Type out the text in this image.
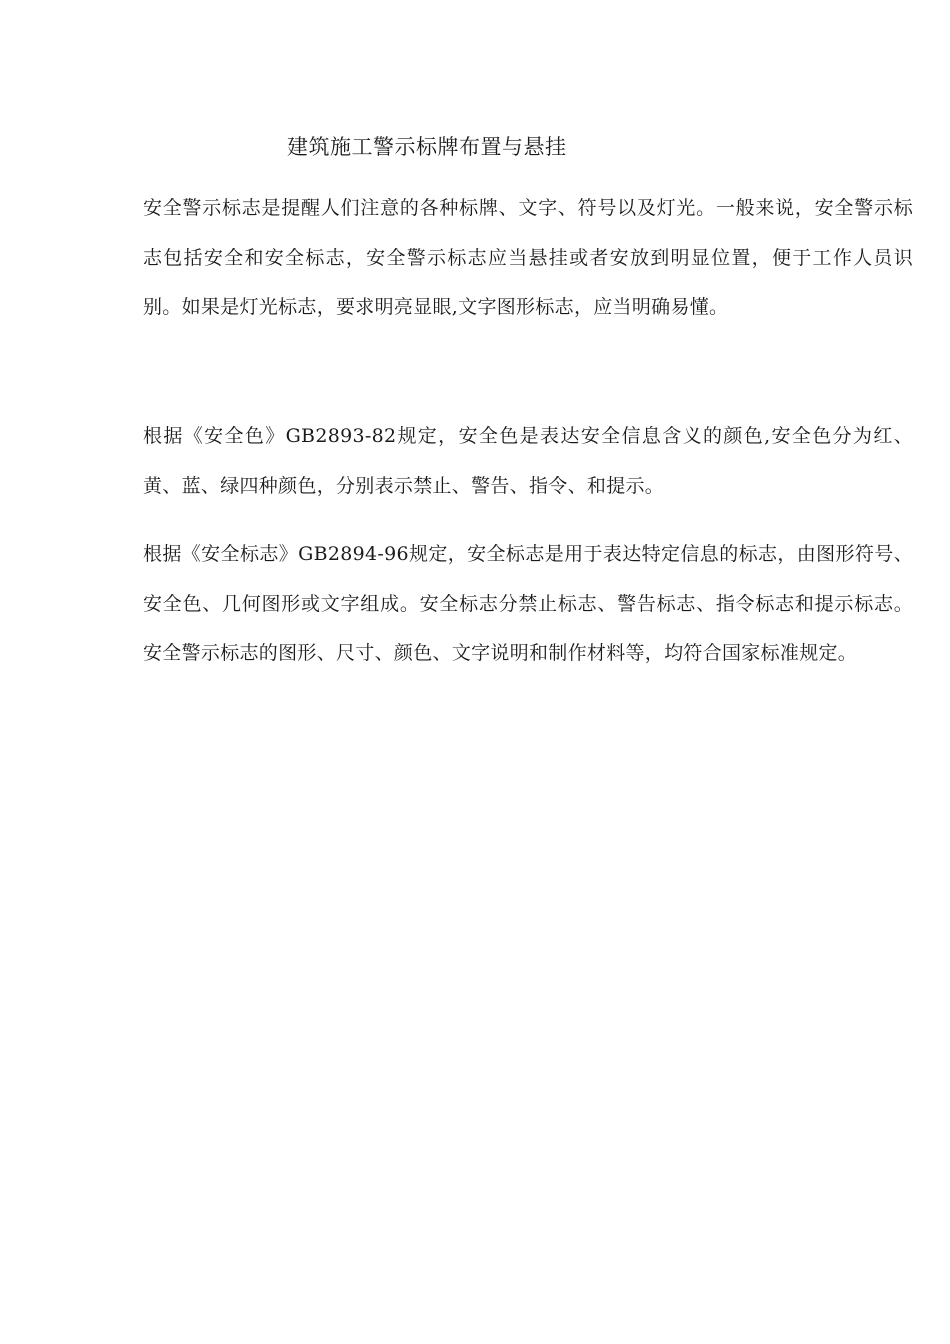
建筑施工警示标牌布置与悬挂

安全警示标志是提醒人们注意的各种标牌、文字、符号以及灯光。一般来说，安全警示标志包括安全和安全标志，安全警示标志应当悬挂或者安放到明显位置，便于工作人员识别。如果是灯光标志，要求明亮显眼,文字图形标志，应当明确易懂。

根据《安全色》GB2893-82规定，安全色是表达安全信息含义的颜色,安全色分为红、黄、蓝、绿四种颜色，分别表示禁止、警告、指令、和提示。

根据《安全标志》GB2894-96规定，安全标志是用于表达特定信息的标志，由图形符号、安全色、几何图形或文字组成。安全标志分禁止标志、警告标志、指令标志和提示标志。安全警示标志的图形、尺寸、颜色、文字说明和制作材料等，均符合国家标准规定。
